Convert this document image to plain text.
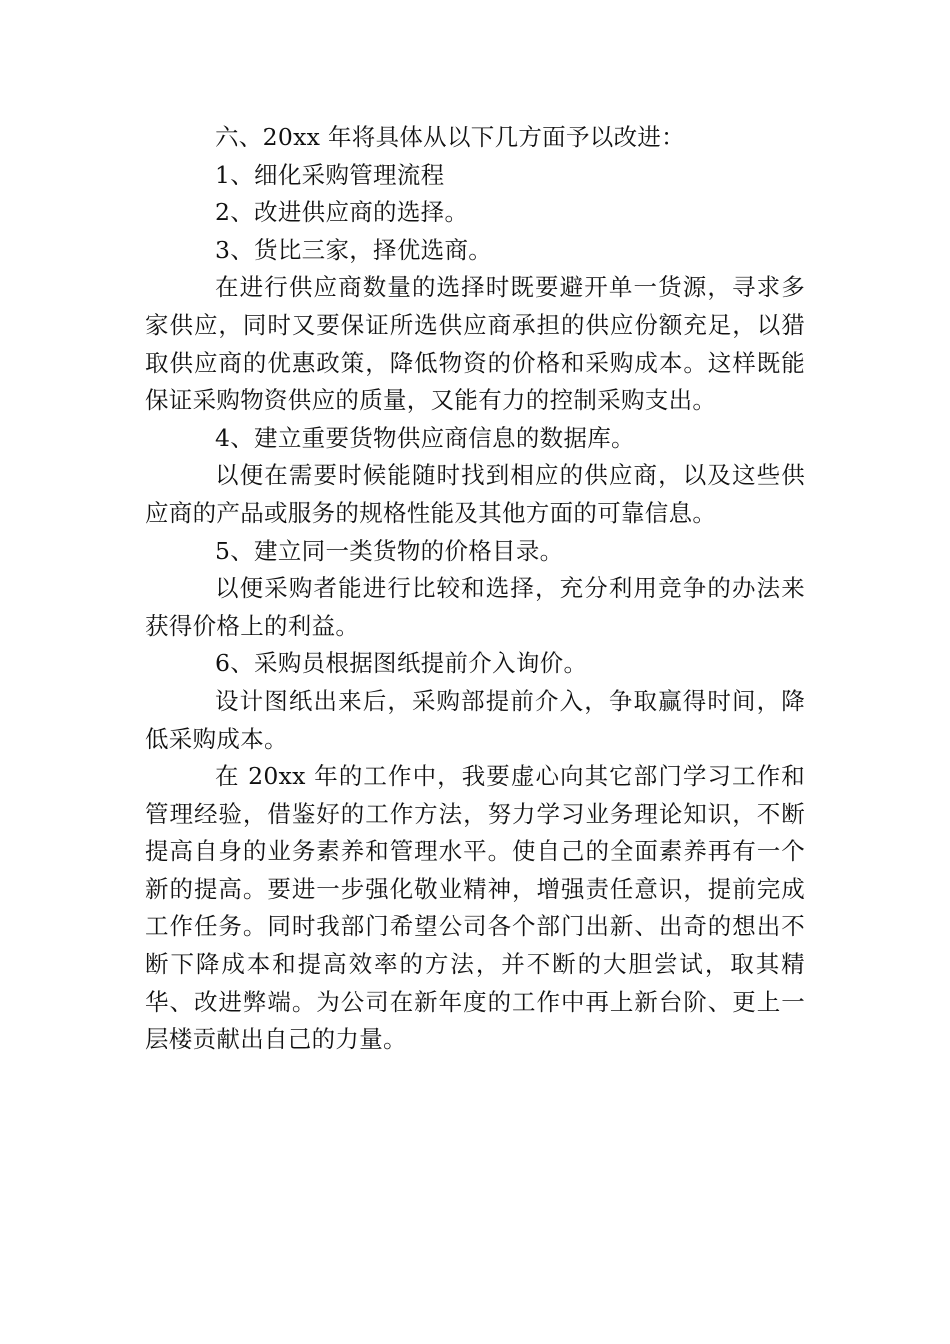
六、20xx 年将具体从以下几方面予以改进：

1、细化采购管理流程

2、改进供应商的选择。

3、货比三家，择优选商。

在进行供应商数量的选择时既要避开单一货源，寻求多家供应，同时又要保证所选供应商承担的供应份额充足，以猎取供应商的优惠政策，降低物资的价格和采购成本。这样既能保证采购物资供应的质量，又能有力的控制采购支出。

4、建立重要货物供应商信息的数据库。

以便在需要时候能随时找到相应的供应商，以及这些供应商的产品或服务的规格性能及其他方面的可靠信息。

5、建立同一类货物的价格目录。

以便采购者能进行比较和选择，充分利用竞争的办法来获得价格上的利益。

6、采购员根据图纸提前介入询价。

设计图纸出来后，采购部提前介入，争取赢得时间，降低采购成本。

在 20xx 年的工作中，我要虚心向其它部门学习工作和管理经验，借鉴好的工作方法，努力学习业务理论知识，不断提高自身的业务素养和管理水平。使自己的全面素养再有一个新的提高。要进一步强化敬业精神，增强责任意识，提前完成工作任务。同时我部门希望公司各个部门出新、出奇的想出不断下降成本和提高效率的方法，并不断的大胆尝试，取其精华、改进弊端。为公司在新年度的工作中再上新台阶、更上一层楼贡献出自己的力量。
